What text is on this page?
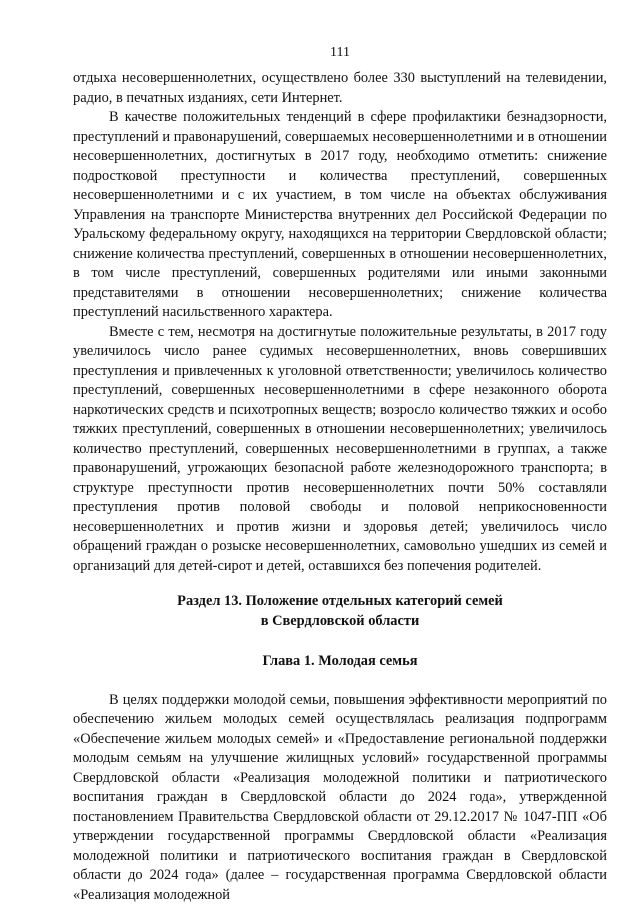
111

отдыха несовершеннолетних, осуществлено более 330 выступлений на телевидении, радио, в печатных изданиях, сети Интернет.

В качестве положительных тенденций в сфере профилактики безнадзорности, преступлений и правонарушений, совершаемых несовершеннолетними и в отношении несовершеннолетних, достигнутых в 2017 году, необходимо отметить: снижение подростковой преступности и количества преступлений, совершенных несовершеннолетними и с их участием, в том числе на объектах обслуживания Управления на транспорте Министерства внутренних дел Российской Федерации по Уральскому федеральному округу, находящихся на территории Свердловской области; снижение количества преступлений, совершенных в отношении несовершеннолетних, в том числе преступлений, совершенных родителями или иными законными представителями в отношении несовершеннолетних; снижение количества преступлений насильственного характера.

Вместе с тем, несмотря на достигнутые положительные результаты, в 2017 году увеличилось число ранее судимых несовершеннолетних, вновь совершивших преступления и привлеченных к уголовной ответственности; увеличилось количество преступлений, совершенных несовершеннолетними в сфере незаконного оборота наркотических средств и психотропных веществ; возросло количество тяжких и особо тяжких преступлений, совершенных в отношении несовершеннолетних; увеличилось количество преступлений, совершенных несовершеннолетними в группах, а также правонарушений, угрожающих безопасной работе железнодорожного транспорта; в структуре преступности против несовершеннолетних почти 50% составляли преступления против половой свободы и половой неприкосновенности несовершеннолетних и против жизни и здоровья детей; увеличилось число обращений граждан о розыске несовершеннолетних, самовольно ушедших из семей и организаций для детей-сирот и детей, оставшихся без попечения родителей.

Раздел 13. Положение отдельных категорий семей
в Свердловской области
Глава 1. Молодая семья

В целях поддержки молодой семьи, повышения эффективности мероприятий по обеспечению жильем молодых семей осуществлялась реализация подпрограмм «Обеспечение жильем молодых семей» и «Предоставление региональной поддержки молодым семьям на улучшение жилищных условий» государственной программы Свердловской области «Реализация молодежной политики и патриотического воспитания граждан в Свердловской области до 2024 года», утвержденной постановлением Правительства Свердловской области от 29.12.2017 № 1047-ПП «Об утверждении государственной программы Свердловской области «Реализация молодежной политики и патриотического воспитания граждан в Свердловской области до 2024 года» (далее – государственная программа Свердловской области «Реализация молодежной
